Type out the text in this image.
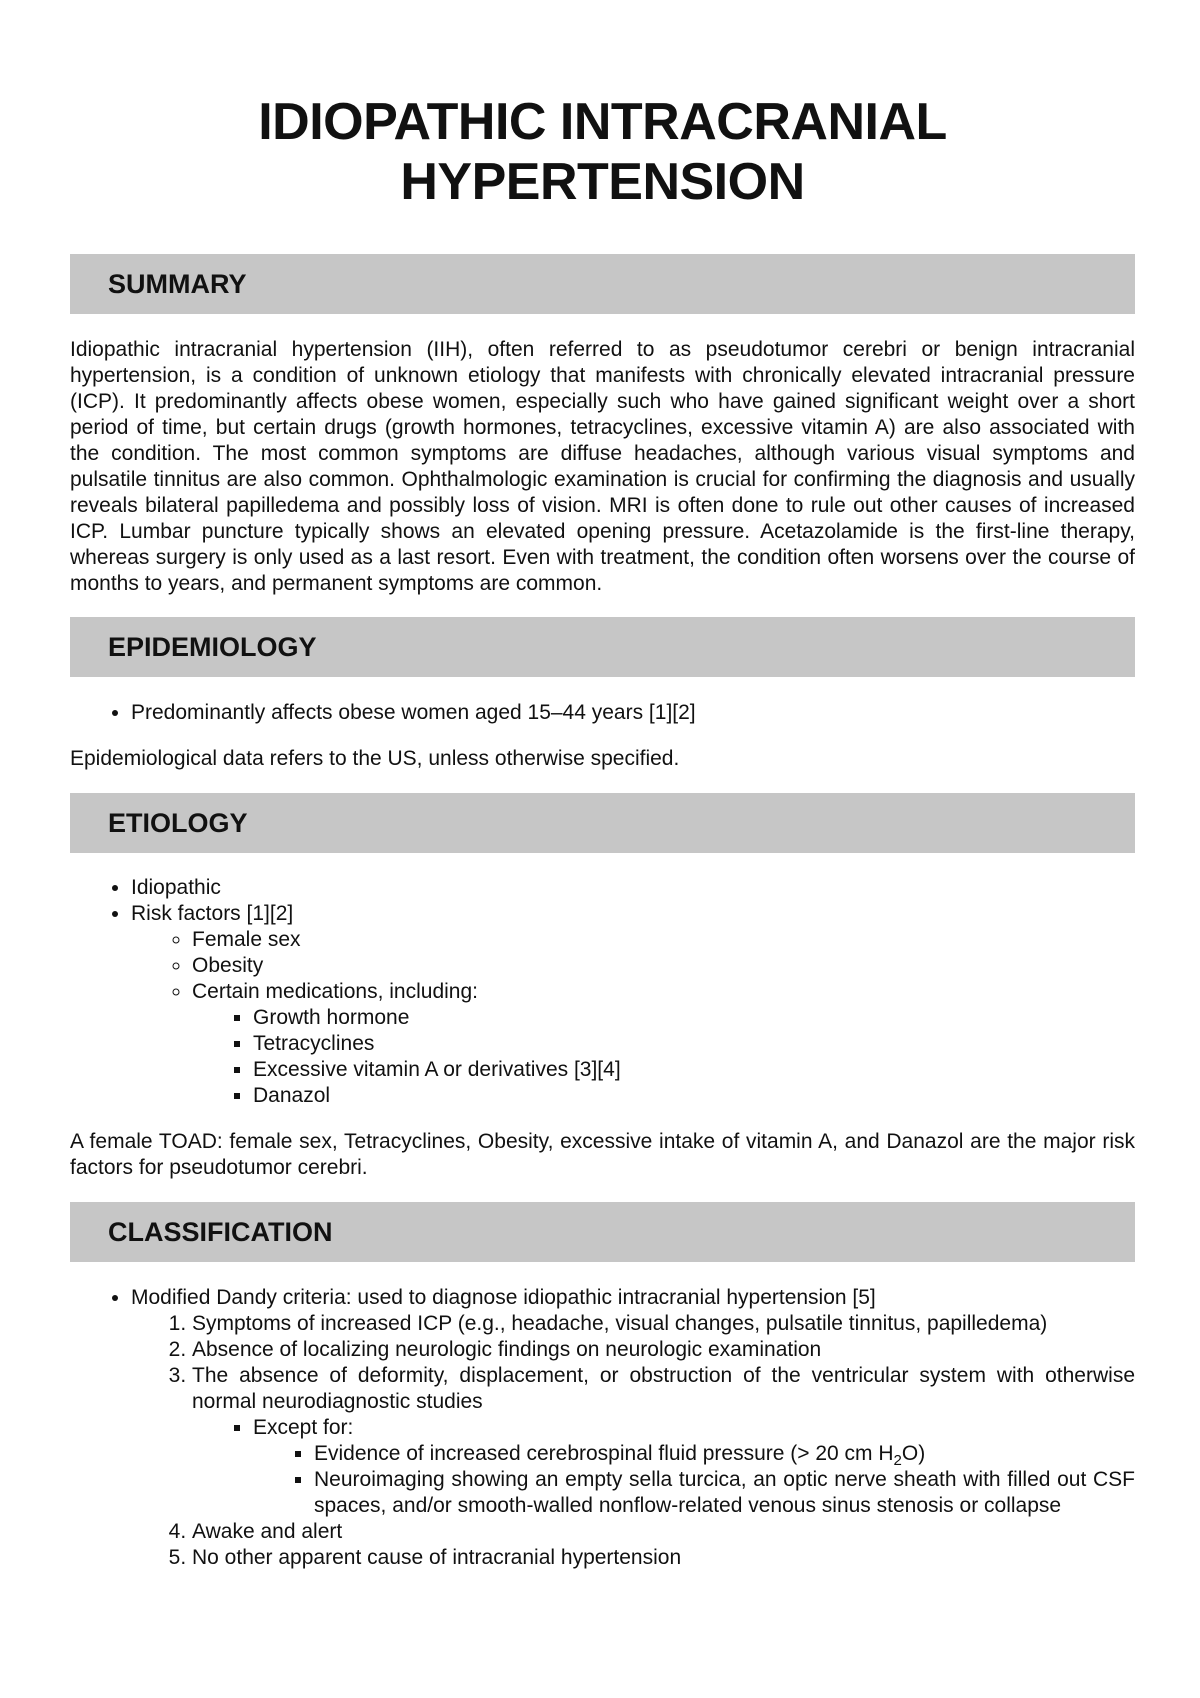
IDIOPATHIC INTRACRANIAL
HYPERTENSION
SUMMARY

Idiopathic intracranial hypertension (IIH), often referred to as pseudotumor cerebri or benign intracranial hypertension, is a condition of unknown etiology that manifests with chronically elevated intracranial pressure (ICP). It predominantly affects obese women, especially such who have gained significant weight over a short period of time, but certain drugs (growth hormones, tetracyclines, excessive vitamin A) are also associated with the condition. The most common symptoms are diffuse headaches, although various visual symptoms and pulsatile tinnitus are also common. Ophthalmologic examination is crucial for confirming the diagnosis and usually reveals bilateral papilledema and possibly loss of vision. MRI is often done to rule out other causes of increased ICP. Lumbar puncture typically shows an elevated opening pressure. Acetazolamide is the first-line therapy, whereas surgery is only used as a last resort. Even with treatment, the condition often worsens over the course of months to years, and permanent symptoms are common.

EPIDEMIOLOGY
• Predominantly affects obese women aged 15–44 years [1][2]

Epidemiological data refers to the US, unless otherwise specified.

ETIOLOGY
• Idiopathic
• Risk factors [1][2]
◦ Female sex
◦ Obesity
◦ Certain medications, including:
▪ Growth hormone
▪ Tetracyclines
▪ Excessive vitamin A or derivatives [3][4]
▪ Danazol

A female TOAD: female sex, Tetracyclines, Obesity, excessive intake of vitamin A, and Danazol are the major risk factors for pseudotumor cerebri.

CLASSIFICATION
• Modified Dandy criteria: used to diagnose idiopathic intracranial hypertension [5]
1. Symptoms of increased ICP (e.g., headache, visual changes, pulsatile tinnitus, papilledema)
2. Absence of localizing neurologic findings on neurologic examination
3. The absence of deformity, displacement, or obstruction of the ventricular system with otherwise normal neurodiagnostic studies
▪ Except for:
▪ Evidence of increased cerebrospinal fluid pressure (> 20 cm $H_2O$)
▪ Neuroimaging showing an empty sella turcica, an optic nerve sheath with filled out CSF spaces, and/or smooth-walled nonflow-related venous sinus stenosis or collapse
4. Awake and alert
5. No other apparent cause of intracranial hypertension
